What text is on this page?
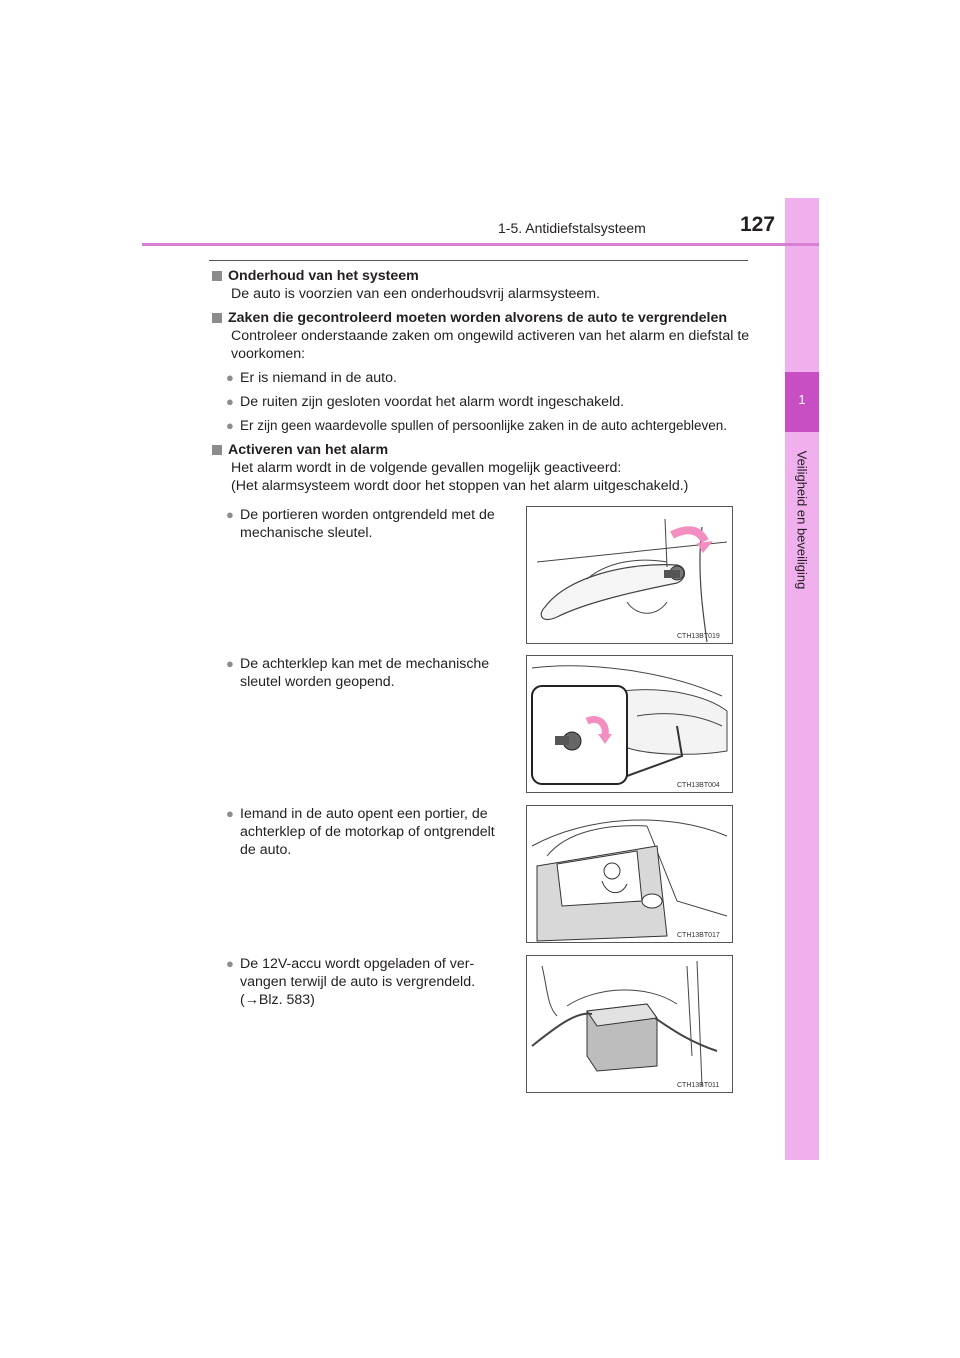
1
Veiligheid en beveiliging
1-5. Antidiefstalsysteem	127
Onderhoud van het systeem
De auto is voorzien van een onderhoudsvrij alarmsysteem.
Zaken die gecontroleerd moeten worden alvorens de auto te vergrendelen
Controleer onderstaande zaken om ongewild activeren van het alarm en diefstal te voorkomen:
● Er is niemand in de auto.
● De ruiten zijn gesloten voordat het alarm wordt ingeschakeld.
● Er zijn geen waardevolle spullen of persoonlijke zaken in de auto achtergebleven.
Activeren van het alarm
Het alarm wordt in de volgende gevallen mogelijk geactiveerd:
(Het alarmsysteem wordt door het stoppen van het alarm uitgeschakeld.)
● De portieren worden ontgrendeld met de mechanische sleutel.
CTH13BT019
● De achterklep kan met de mechanische sleutel worden geopend.
CTH13BT004
● Iemand in de auto opent een portier, de achterklep of de motorkap of ontgrendelt de auto.
CTH13BT017
● De 12V-accu wordt opgeladen of ver-vangen terwijl de auto is vergrendeld. (→Blz. 583)
CTH13BT011
